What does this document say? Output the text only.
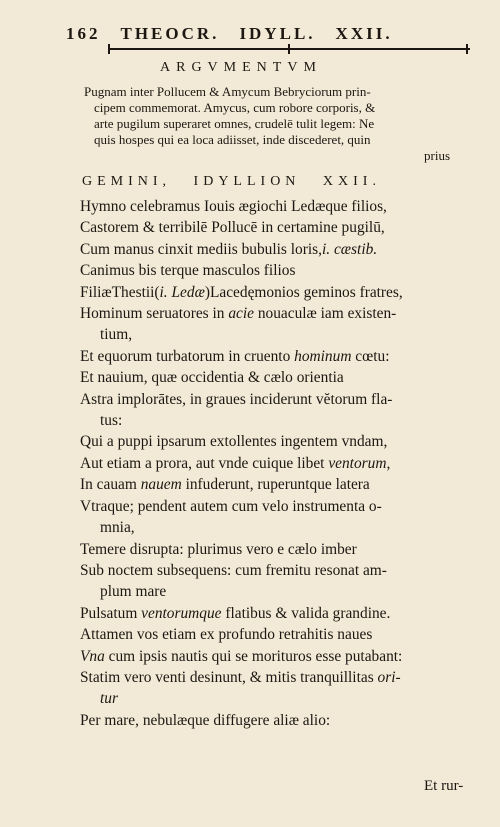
162 THEOCR. IDYLL. XXII.
ARGVMENTVM
Pugnam inter Pollucem & Amycum Bebryciorum prin-
cipem commemorat. Amycus, cum robore corporis, &
arte pugilum superaret omnes, crudelē tulit legem: Ne
quis hospes qui ea loca adiisset, inde discederet, quin
prius
GEMINI, IDYLLION XXII.
Hymno celebramus Iouis ægiochi Ledæque filios,
Castorem & terribilē Pollucē in certamine pugilū,
Cum manus cinxit mediis bubulis loris,i. cæstib.
Canimus bis terque masculos filios
FiliæThestii(i. Ledæ)Lacedęmonios geminos fratres,
Hominum seruatores in acie nouaculæ iam existen-
tium,
Et equorum turbatorum in cruento hominum cœtu:
Et nauium, quæ occidentia & cælo orientia
Astra implorātes, in graues inciderunt vĕtorum fla-
tus:
Qui a puppi ipsarum extollentes ingentem vndam,
Aut etiam a prora, aut vnde cuique libet ventorum,
In cauam nauem infuderunt, ruperuntque latera
Vtraque; pendent autem cum velo instrumenta o-
mnia,
Temere disrupta: plurimus vero e cælo imber
Sub noctem subsequens: cum fremitu resonat am-
plum mare
Pulsatum ventorumque flatibus & valida grandine.
Attamen vos etiam ex profundo retrahitis naues
Vna cum ipsis nautis qui se morituros esse putabant:
Statim vero venti desinunt, & mitis tranquillitas ori-
tur
Per mare, nebulæque diffugere aliæ alio:
Et rur-
